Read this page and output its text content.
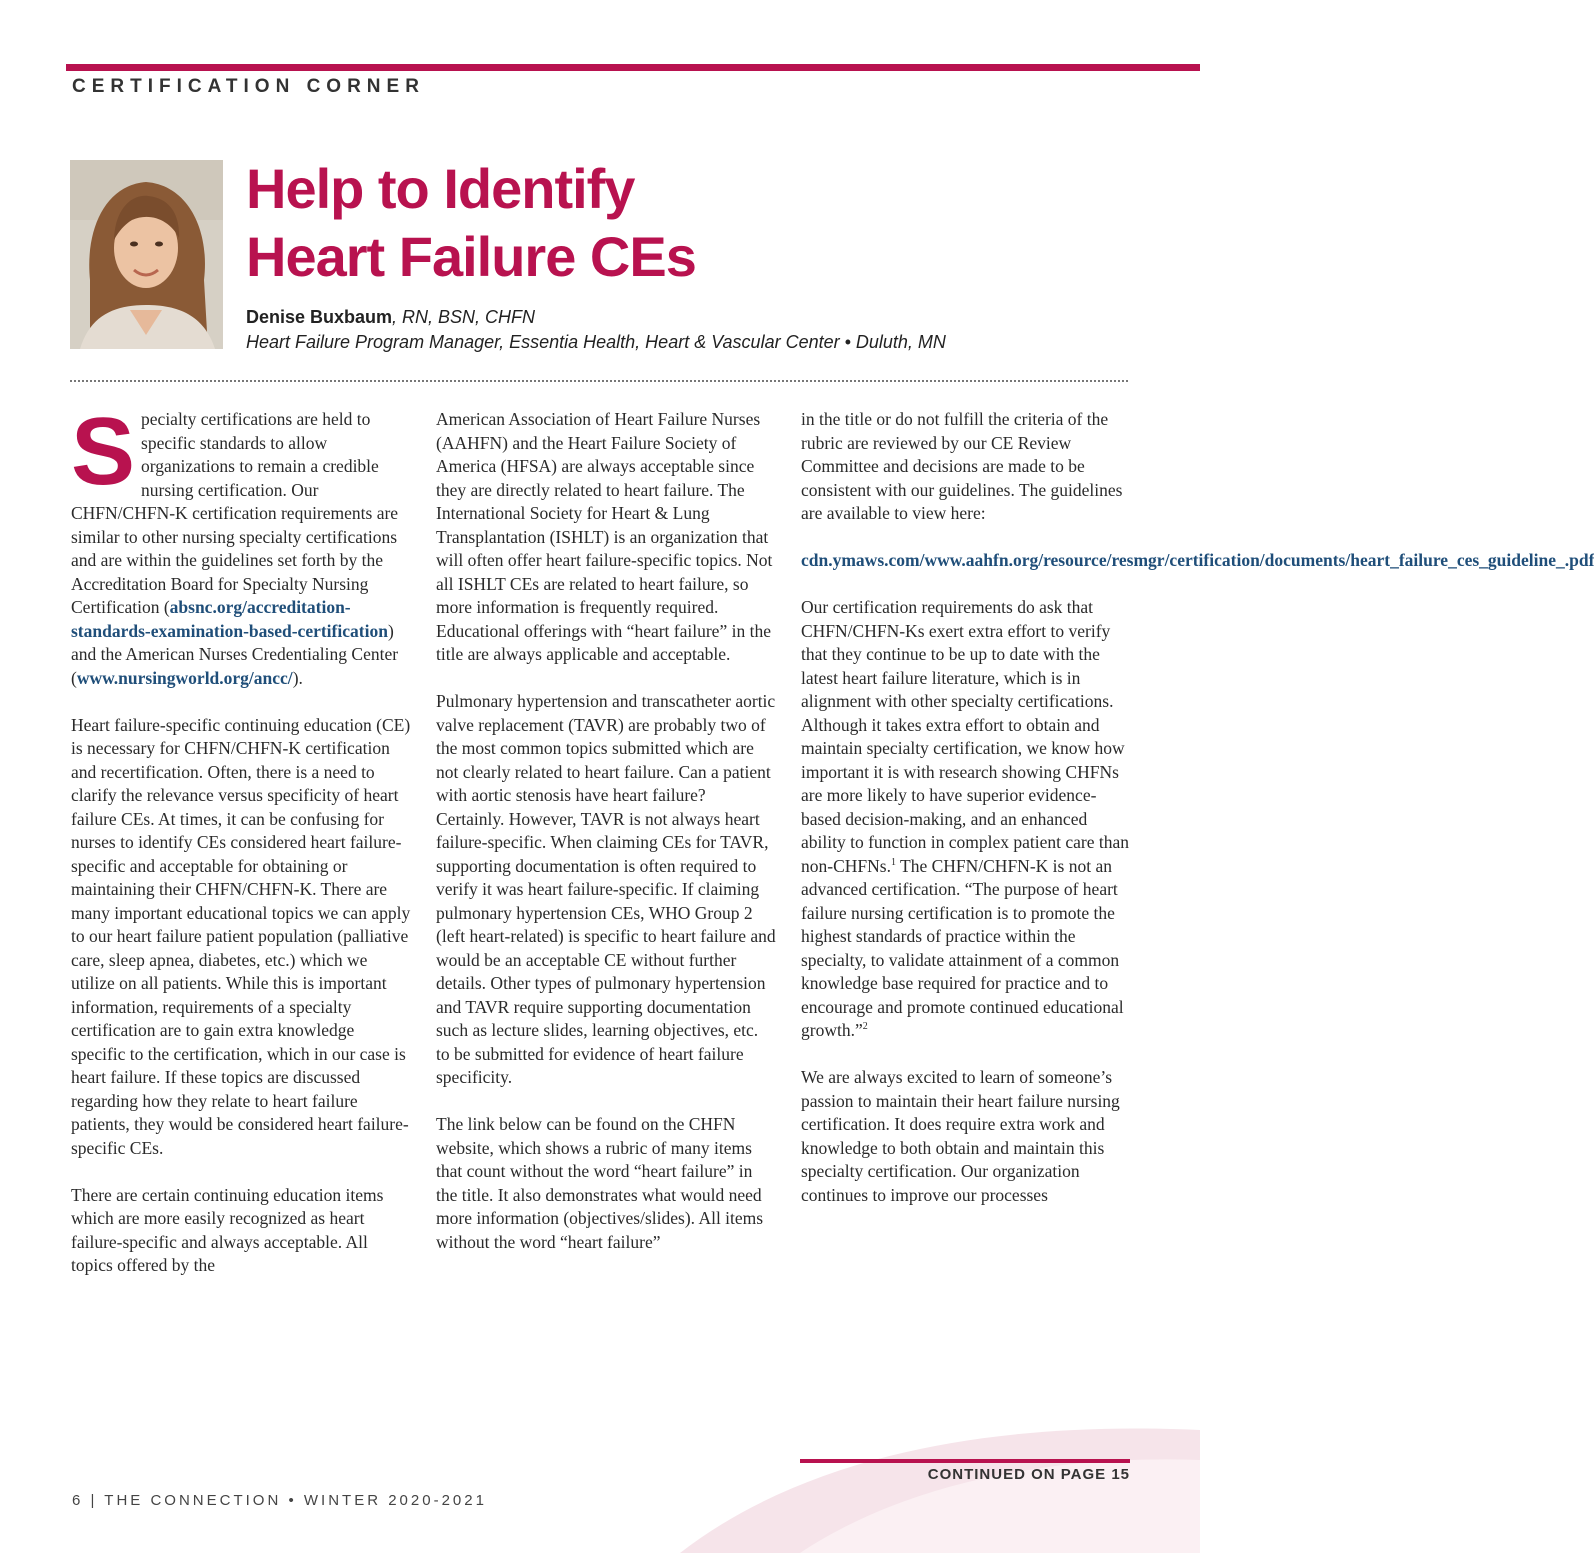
CERTIFICATION CORNER
Help to Identify
Heart Failure CEs
Denise Buxbaum, RN, BSN, CHFN
Heart Failure Program Manager, Essentia Health, Heart & Vascular Center • Duluth, MN

Specialty certifications are held to specific standards to allow organizations to remain a credible nursing certification. Our CHFN/CHFN-K certification requirements are similar to other nursing specialty certifications and are within the guidelines set forth by the Accreditation Board for Specialty Nursing Certification (absnc.org/accreditation-standards-examination-based-certification) and the American Nurses Credentialing Center (www.nursingworld.org/ancc/).

Heart failure-specific continuing education (CE) is necessary for CHFN/CHFN-K certification and recertification. Often, there is a need to clarify the relevance versus specificity of heart failure CEs. At times, it can be confusing for nurses to identify CEs considered heart failure-specific and acceptable for obtaining or maintaining their CHFN/CHFN-K. There are many important educational topics we can apply to our heart failure patient population (palliative care, sleep apnea, diabetes, etc.) which we utilize on all patients. While this is important information, requirements of a specialty certification are to gain extra knowledge specific to the certification, which in our case is heart failure. If these topics are discussed regarding how they relate to heart failure patients, they would be considered heart failure-specific CEs.

There are certain continuing education items which are more easily recognized as heart failure-specific and always acceptable. All topics offered by the

American Association of Heart Failure Nurses (AAHFN) and the Heart Failure Society of America (HFSA) are always acceptable since they are directly related to heart failure. The International Society for Heart & Lung Transplantation (ISHLT) is an organization that will often offer heart failure-specific topics. Not all ISHLT CEs are related to heart failure, so more information is frequently required. Educational offerings with “heart failure” in the title are always applicable and acceptable.

Pulmonary hypertension and transcatheter aortic valve replacement (TAVR) are probably two of the most common topics submitted which are not clearly related to heart failure. Can a patient with aortic stenosis have heart failure? Certainly. However, TAVR is not always heart failure-specific. When claiming CEs for TAVR, supporting documentation is often required to verify it was heart failure-specific. If claiming pulmonary hypertension CEs, WHO Group 2 (left heart-related) is specific to heart failure and would be an acceptable CE without further details. Other types of pulmonary hypertension and TAVR require supporting documentation such as lecture slides, learning objectives, etc. to be submitted for evidence of heart failure specificity.

The link below can be found on the CHFN website, which shows a rubric of many items that count without the word “heart failure” in the title. It also demonstrates what would need more information (objectives/slides). All items without the word “heart failure”

in the title or do not fulfill the criteria of the rubric are reviewed by our CE Review Committee and decisions are made to be consistent with our guidelines. The guidelines are available to view here:

cdn.ymaws.com/www.aahfn.org/resource/resmgr/certification/documents/heart_failure_ces_guideline_.pdf

Our certification requirements do ask that CHFN/CHFN-Ks exert extra effort to verify that they continue to be up to date with the latest heart failure literature, which is in alignment with other specialty certifications. Although it takes extra effort to obtain and maintain specialty certification, we know how important it is with research showing CHFNs are more likely to have superior evidence-based decision-making, and an enhanced ability to function in complex patient care than non-CHFNs.$^1$ The CHFN/CHFN-K is not an advanced certification. “The purpose of heart failure nursing certification is to promote the highest standards of practice within the specialty, to validate attainment of a common knowledge base required for practice and to encourage and promote continued educational growth.”$^2$

We are always excited to learn of someone’s passion to maintain their heart failure nursing certification. It does require extra work and knowledge to both obtain and maintain this specialty certification. Our organization continues to improve our processes

CONTINUED ON PAGE 15
6 | THE CONNECTION • WINTER 2020-2021
